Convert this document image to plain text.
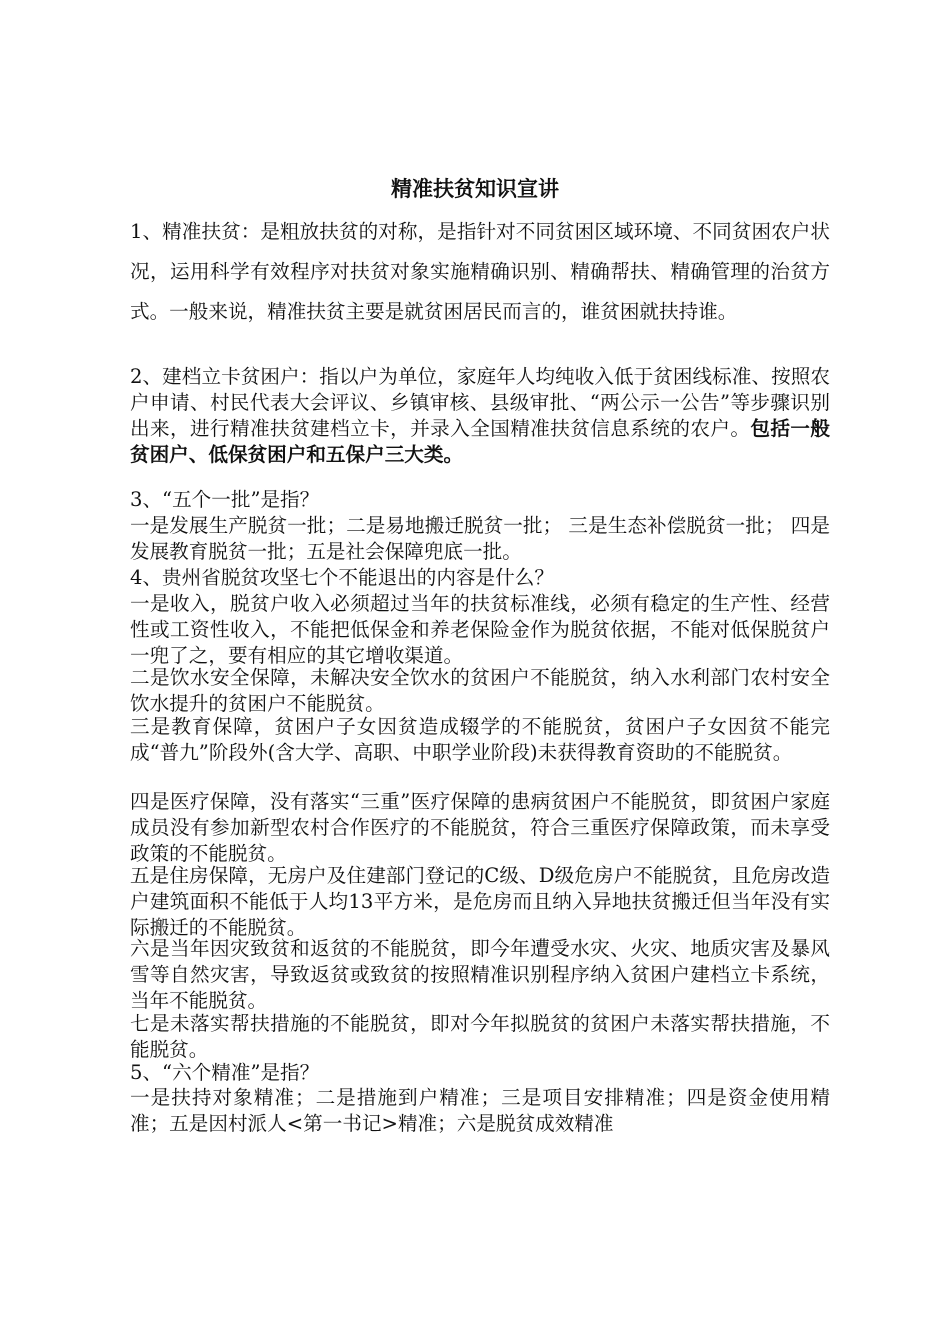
精准扶贫知识宣讲

1、精准扶贫：是粗放扶贫的对称，是指针对不同贫困区域环境、不同贫困农户状况，运用科学有效程序对扶贫对象实施精确识别、精确帮扶、精确管理的治贫方式。一般来说，精准扶贫主要是就贫困居民而言的，谁贫困就扶持谁。

2、建档立卡贫困户：指以户为单位，家庭年人均纯收入低于贫困线标准、按照农户申请、村民代表大会评议、乡镇审核、县级审批、“两公示一公告”等步骤识别出来，进行精准扶贫建档立卡，并录入全国精准扶贫信息系统的农户。包括一般贫困户、低保贫困户和五保户三大类。

3、“五个一批”是指？

一是发展生产脱贫一批；二是易地搬迁脱贫一批； 三是生态补偿脱贫一批； 四是发展教育脱贫一批；五是社会保障兜底一批。

4、贵州省脱贫攻坚七个不能退出的内容是什么？

一是收入，脱贫户收入必须超过当年的扶贫标准线，必须有稳定的生产性、经营性或工资性收入，不能把低保金和养老保险金作为脱贫依据，不能对低保脱贫户一兜了之，要有相应的其它增收渠道。

二是饮水安全保障，未解决安全饮水的贫困户不能脱贫，纳入水利部门农村安全饮水提升的贫困户不能脱贫。

三是教育保障，贫困户子女因贫造成辍学的不能脱贫，贫困户子女因贫不能完成“普九”阶段外(含大学、高职、中职学业阶段)未获得教育资助的不能脱贫。

四是医疗保障，没有落实“三重”医疗保障的患病贫困户不能脱贫，即贫困户家庭成员没有参加新型农村合作医疗的不能脱贫，符合三重医疗保障政策，而未享受政策的不能脱贫。

五是住房保障，无房户及住建部门登记的C级、D级危房户不能脱贫，且危房改造户建筑面积不能低于人均13平方米，是危房而且纳入异地扶贫搬迁但当年没有实际搬迁的不能脱贫。

六是当年因灾致贫和返贫的不能脱贫，即今年遭受水灾、火灾、地质灾害及暴风雪等自然灾害，导致返贫或致贫的按照精准识别程序纳入贫困户建档立卡系统，当年不能脱贫。

七是未落实帮扶措施的不能脱贫，即对今年拟脱贫的贫困户未落实帮扶措施，不能脱贫。

5、“六个精准”是指？

一是扶持对象精准；二是措施到户精准；三是项目安排精准；四是资金使用精准；五是因村派人<第一书记>精准；六是脱贫成效精准
